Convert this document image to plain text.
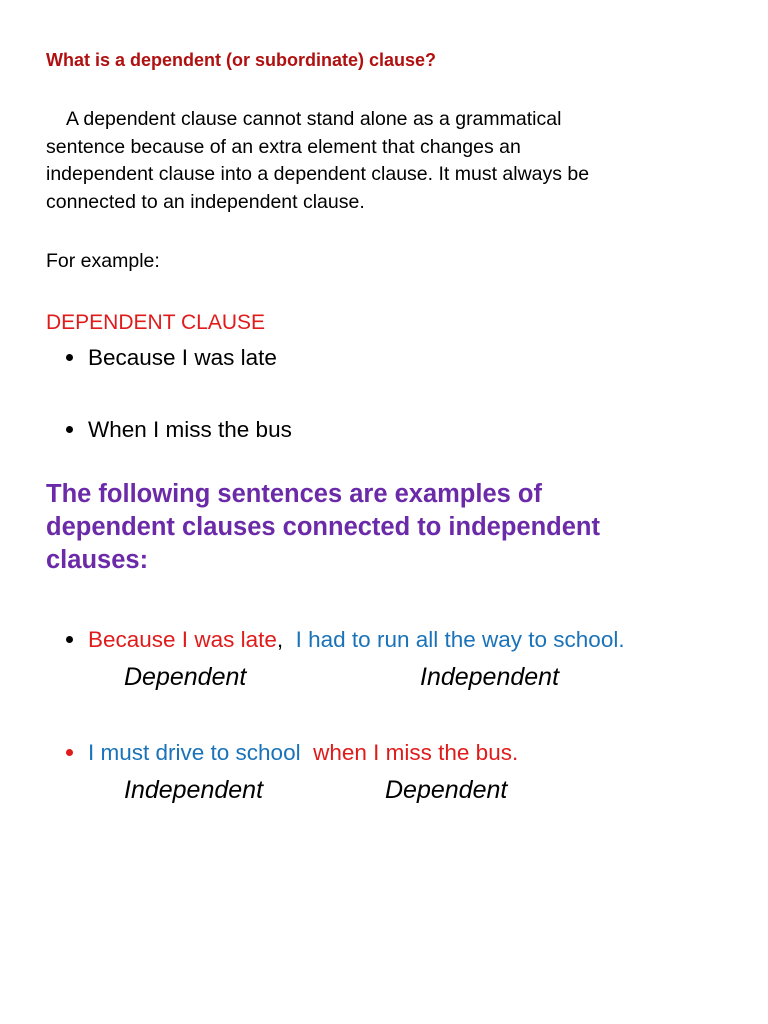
What is a dependent (or subordinate) clause?
A dependent clause cannot stand alone as a grammatical
sentence because of an extra element that changes an
independent clause into a dependent clause. It must always be
connected to an independent clause.
For example:
DEPENDENT CLAUSE
Because I was late
When I miss the bus
The following sentences are examples of
dependent clauses connected to independent
clauses:
Because I was late, I had to run all the way to school.
Dependent	Independent
I must drive to school when I miss the bus.
Independent	Dependent
